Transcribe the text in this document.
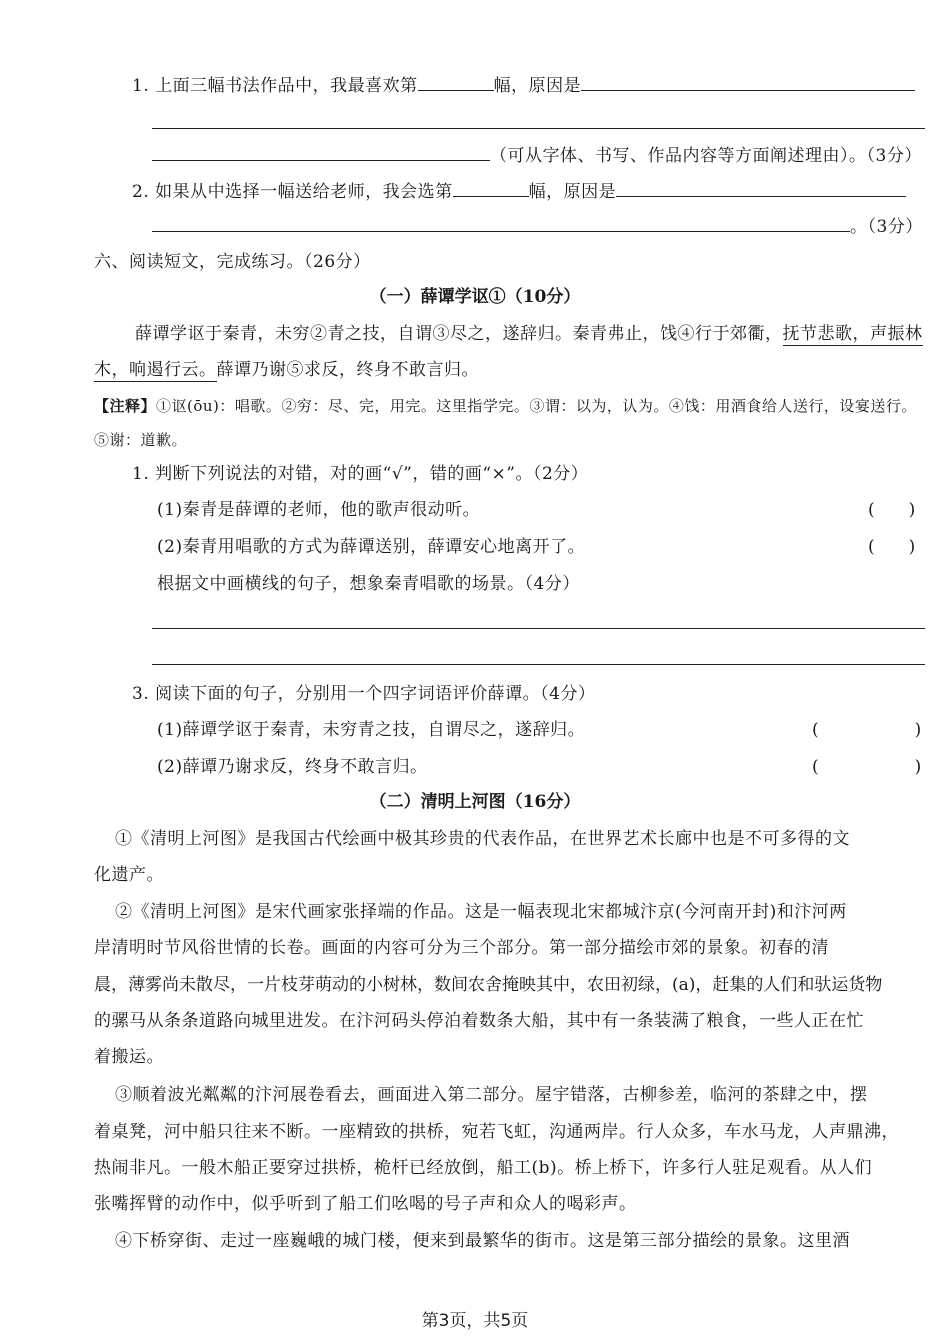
1. 上面三幅书法作品中，我最喜欢第	幅，原因是
（可从字体、书写、作品内容等方面阐述理由）。（3分）
2. 如果从中选择一幅送给老师，我会选第	幅，原因是
。（3分）
六、阅读短文，完成练习。（26分）
（一）薛谭学讴①（10分）
薛谭学讴于秦青，未穷②青之技，自谓③尽之，遂辞归。秦青弗止，饯④行于郊衢，抚节悲歌，声振林
木，响遏行云。薛谭乃谢⑤求反，终身不敢言归。
【注释】①讴(ōu)：唱歌。②穷：尽、完，用完。这里指学完。③谓：以为，认为。④饯：用酒食给人送行，设宴送行。
⑤谢：道歉。
1. 判断下列说法的对错，对的画“√”，错的画“×”。（2分）
(1)秦青是薛谭的老师，他的歌声很动听。	( )
(2)秦青用唱歌的方式为薛谭送别，薛谭安心地离开了。	( )
根据文中画横线的句子，想象秦青唱歌的场景。（4分）
3. 阅读下面的句子，分别用一个四字词语评价薛谭。（4分）
(1)薛谭学讴于秦青，未穷青之技，自谓尽之，遂辞归。	(	)
(2)薛谭乃谢求反，终身不敢言归。	(	)
（二）清明上河图（16分）
①《清明上河图》是我国古代绘画中极其珍贵的代表作品，在世界艺术长廊中也是不可多得的文
化遗产。
②《清明上河图》是宋代画家张择端的作品。这是一幅表现北宋都城汴京(今河南开封)和汴河两
岸清明时节风俗世情的长卷。画面的内容可分为三个部分。第一部分描绘市郊的景象。初春的清
晨，薄雾尚未散尽，一片枝芽萌动的小树林，数间农舍掩映其中，农田初绿，(a)，赶集的人们和驮运货物
的骡马从条条道路向城里进发。在汴河码头停泊着数条大船，其中有一条装满了粮食，一些人正在忙
着搬运。
③顺着波光粼粼的汴河展卷看去，画面进入第二部分。屋宇错落，古柳参差，临河的茶肆之中，摆
着桌凳，河中船只往来不断。一座精致的拱桥，宛若飞虹，沟通两岸。行人众多，车水马龙，人声鼎沸，
热闹非凡。一般木船正要穿过拱桥，桅杆已经放倒，船工(b)。桥上桥下，许多行人驻足观看。从人们
张嘴挥臂的动作中，似乎听到了船工们吆喝的号子声和众人的喝彩声。
④下桥穿街、走过一座巍峨的城门楼，便来到最繁华的街市。这是第三部分描绘的景象。这里酒
第3页，共5页
